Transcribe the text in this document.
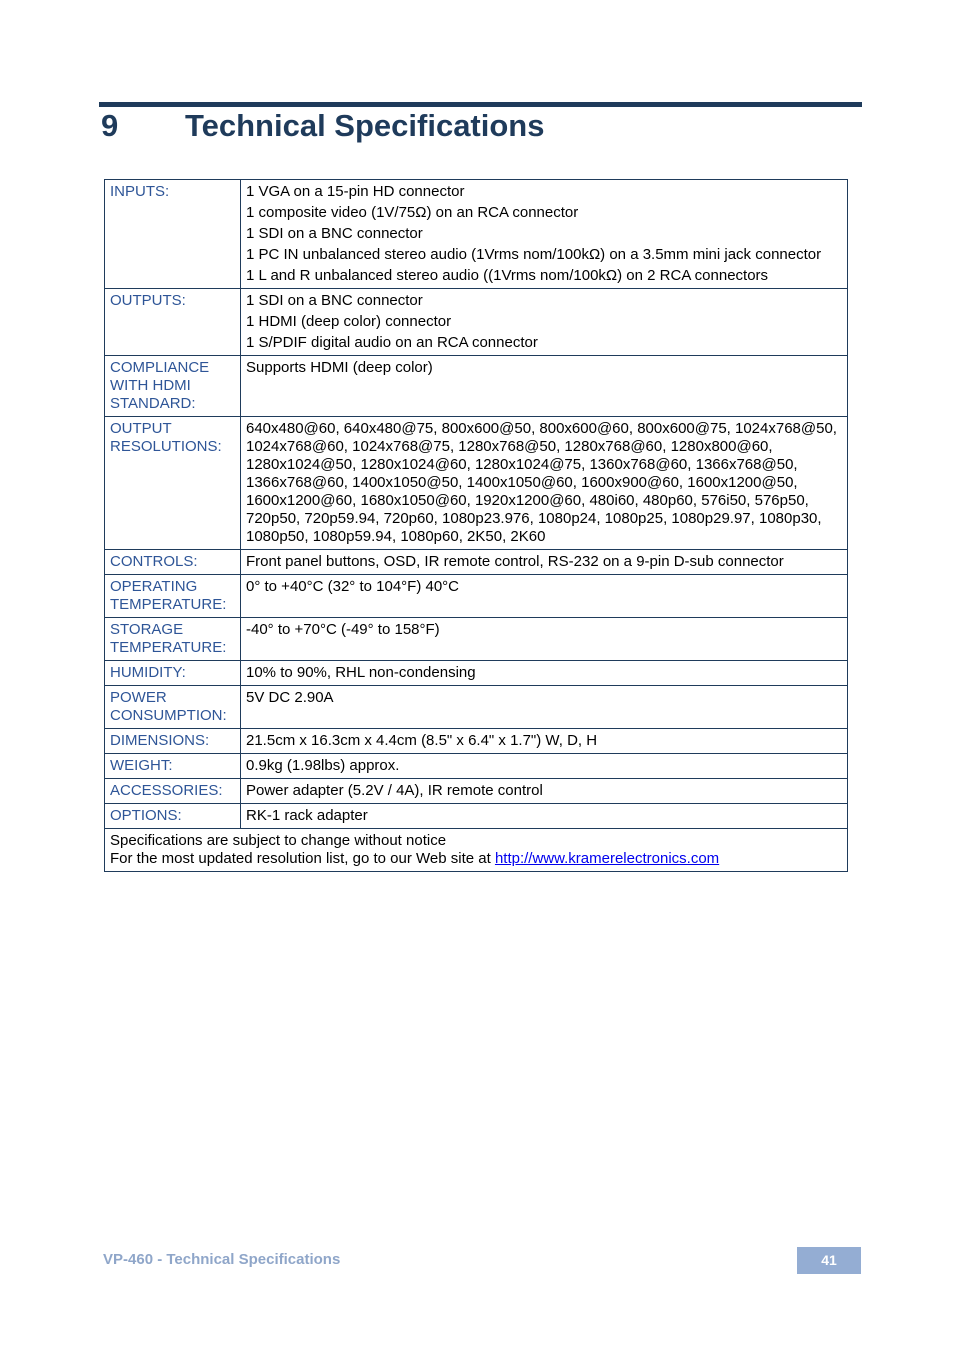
9 Technical Specifications
INPUTS:	1 VGA on a 15-pin HD connector
1 composite video (1V/75Ω) on an RCA connector
1 SDI on a BNC connector
1 PC IN unbalanced stereo audio (1Vrms nom/100kΩ) on a 3.5mm mini jack connector
1 L and R unbalanced stereo audio ((1Vrms nom/100kΩ) on 2 RCA connectors

OUTPUTS:	1 SDI on a BNC connector
1 HDMI (deep color) connector
1 S/PDIF digital audio on an RCA connector

COMPLIANCE WITH HDMI STANDARD:	Supports HDMI (deep color)

OUTPUT RESOLUTIONS:	640x480@60, 640x480@75, 800x600@50, 800x600@60, 800x600@75, 1024x768@50, 1024x768@60, 1024x768@75, 1280x768@50, 1280x768@60, 1280x800@60, 1280x1024@50, 1280x1024@60, 1280x1024@75, 1360x768@60, 1366x768@50, 1366x768@60, 1400x1050@50, 1400x1050@60, 1600x900@60, 1600x1200@50, 1600x1200@60, 1680x1050@60, 1920x1200@60, 480i60, 480p60, 576i50, 576p50, 720p50, 720p59.94, 720p60, 1080p23.976, 1080p24, 1080p25, 1080p29.97, 1080p30, 1080p50, 1080p59.94, 1080p60, 2K50, 2K60

CONTROLS:	Front panel buttons, OSD, IR remote control, RS-232 on a 9-pin D-sub connector

OPERATING TEMPERATURE:	0° to +40°C (32° to 104°F) 40°C

STORAGE TEMPERATURE:	-40° to +70°C (-49° to 158°F)

HUMIDITY:	10% to 90%, RHL non-condensing

POWER CONSUMPTION:	5V DC 2.90A

DIMENSIONS:	21.5cm x 16.3cm x 4.4cm (8.5" x 6.4" x 1.7") W, D, H

WEIGHT:	0.9kg (1.98lbs) approx.

ACCESSORIES:	Power adapter (5.2V / 4A), IR remote control

OPTIONS:	RK-1 rack adapter

Specifications are subject to change without notice
For the most updated resolution list, go to our Web site at http://www.kramerelectronics.com	
VP-460 - Technical Specifications	41
